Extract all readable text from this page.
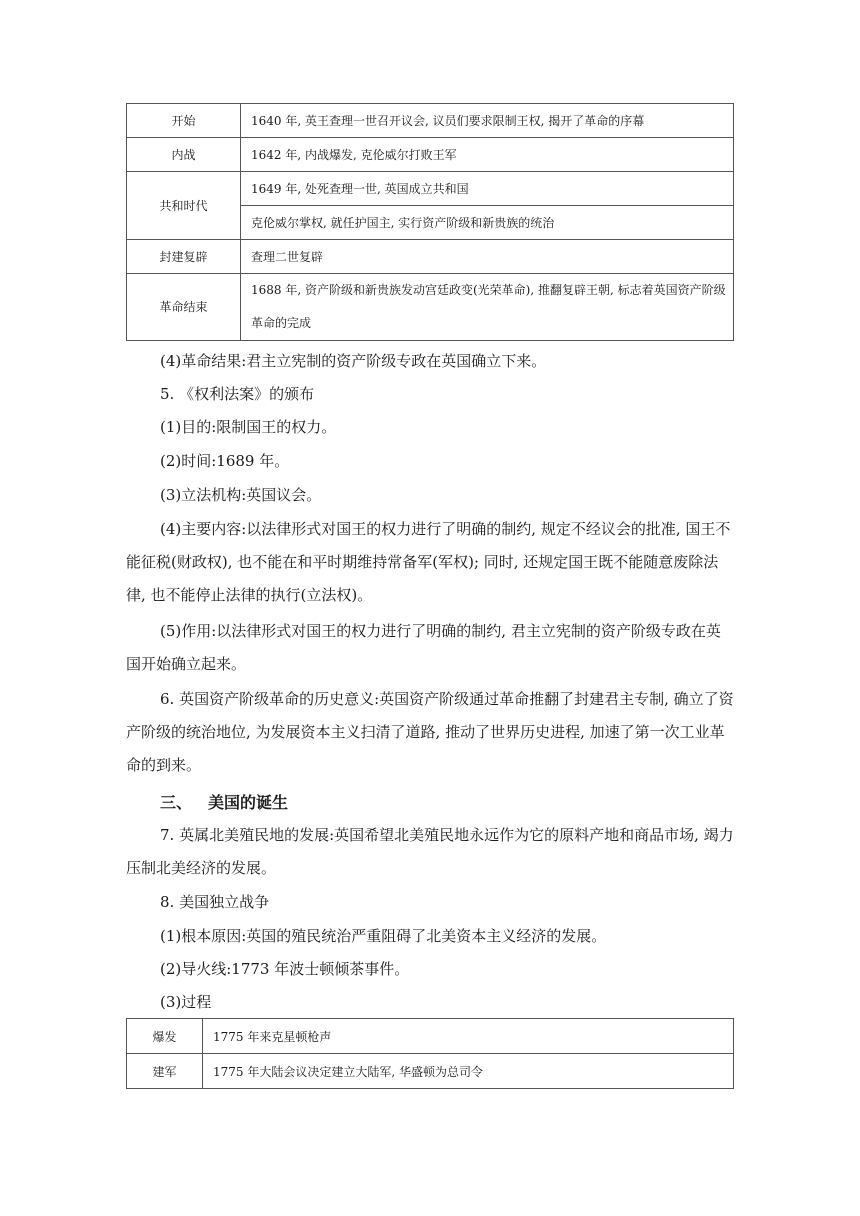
开始	1640 年, 英王查理一世召开议会, 议员们要求限制王权, 揭开了革命的序幕
内战	1642 年, 内战爆发, 克伦威尔打败王军
共和时代	1649 年, 处死查理一世, 英国成立共和国
	克伦威尔掌权, 就任护国主, 实行资产阶级和新贵族的统治
封建复辟	查理二世复辟
革命结束	1688 年, 资产阶级和新贵族发动宫廷政变(光荣革命), 推翻复辟王朝, 标志着英国资产阶级革命的完成

(4)革命结果:君主立宪制的资产阶级专政在英国确立下来。

5. 《权利法案》的颁布

(1)目的:限制国王的权力。

(2)时间:1689 年。

(3)立法机构:英国议会。

(4)主要内容:以法律形式对国王的权力进行了明确的制约, 规定不经议会的批准, 国王不能征税(财政权), 也不能在和平时期维持常备军(军权); 同时, 还规定国王既不能随意废除法律, 也不能停止法律的执行(立法权)。

(5)作用:以法律形式对国王的权力进行了明确的制约, 君主立宪制的资产阶级专政在英国开始确立起来。

6. 英国资产阶级革命的历史意义:英国资产阶级通过革命推翻了封建君主专制, 确立了资产阶级的统治地位, 为发展资本主义扫清了道路, 推动了世界历史进程, 加速了第一次工业革命的到来。

三、 美国的诞生

7. 英属北美殖民地的发展:英国希望北美殖民地永远作为它的原料产地和商品市场, 竭力压制北美经济的发展。

8. 美国独立战争

(1)根本原因:英国的殖民统治严重阻碍了北美资本主义经济的发展。

(2)导火线:1773 年波士顿倾茶事件。

(3)过程

爆发	1775 年来克星顿枪声
建军	1775 年大陆会议决定建立大陆军, 华盛顿为总司令
